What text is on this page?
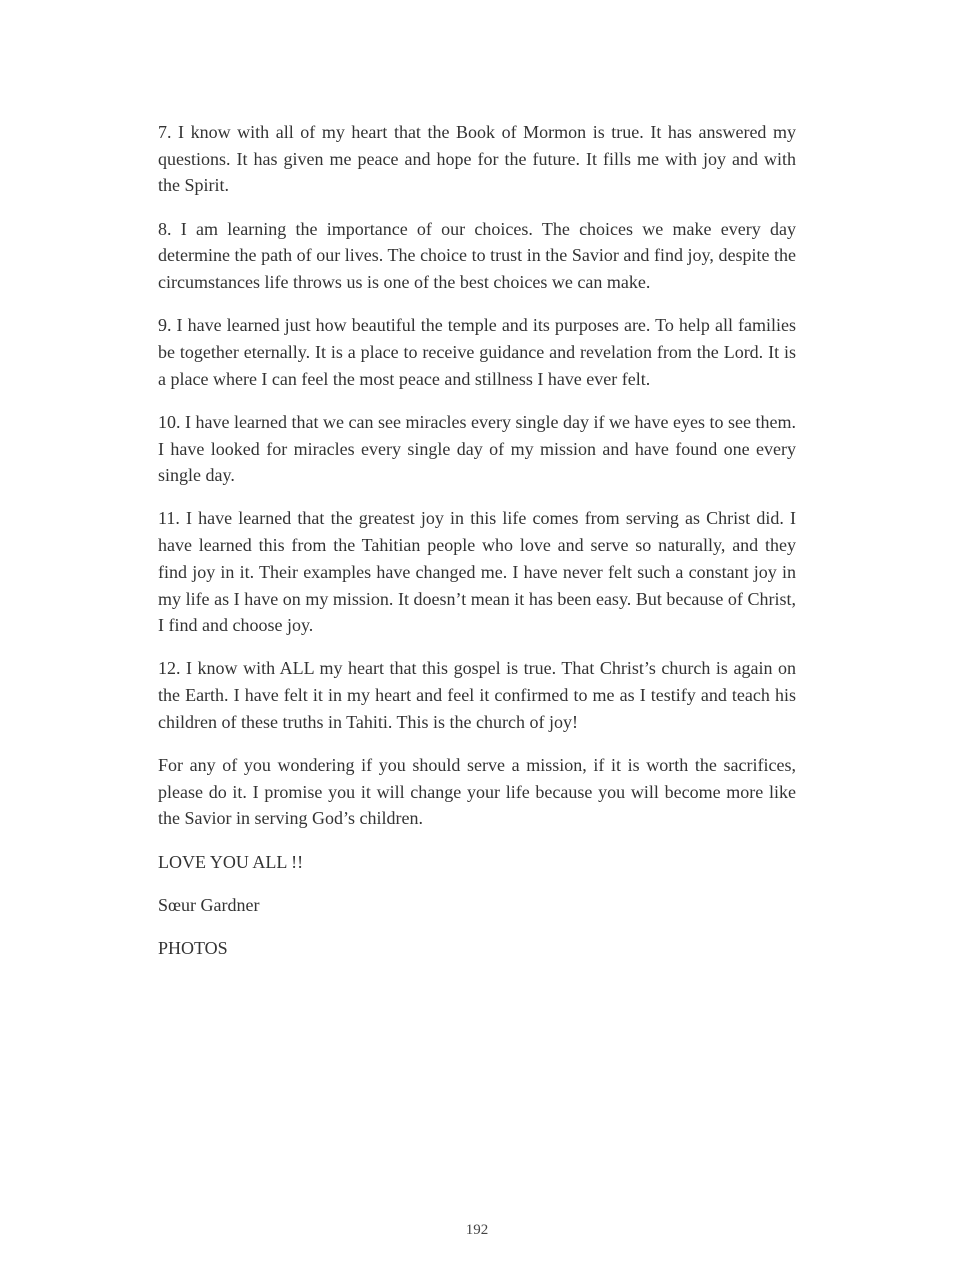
7. I know with all of my heart that the Book of Mormon is true. It has answered my questions. It has given me peace and hope for the future. It fills me with joy and with the Spirit.

8. I am learning the importance of our choices. The choices we make every day determine the path of our lives. The choice to trust in the Savior and find joy, despite the circumstances life throws us is one of the best choices we can make.

9. I have learned just how beautiful the temple and its purposes are. To help all families be together eternally. It is a place to receive guidance and revelation from the Lord. It is a place where I can feel the most peace and stillness I have ever felt.

10. I have learned that we can see miracles every single day if we have eyes to see them. I have looked for miracles every single day of my mission and have found one every single day.

11. I have learned that the greatest joy in this life comes from serving as Christ did. I have learned this from the Tahitian people who love and serve so naturally, and they find joy in it. Their examples have changed me. I have never felt such a constant joy in my life as I have on my mission. It doesn’t mean it has been easy. But because of Christ, I find and choose joy.

12. I know with ALL my heart that this gospel is true. That Christ’s church is again on the Earth. I have felt it in my heart and feel it confirmed to me as I testify and teach his children of these truths in Tahiti. This is the church of joy!

For any of you wondering if you should serve a mission, if it is worth the sacrifices, please do it. I promise you it will change your life because you will become more like the Savior in serving God’s children.

LOVE YOU ALL !!

Sœur Gardner

PHOTOS

192
